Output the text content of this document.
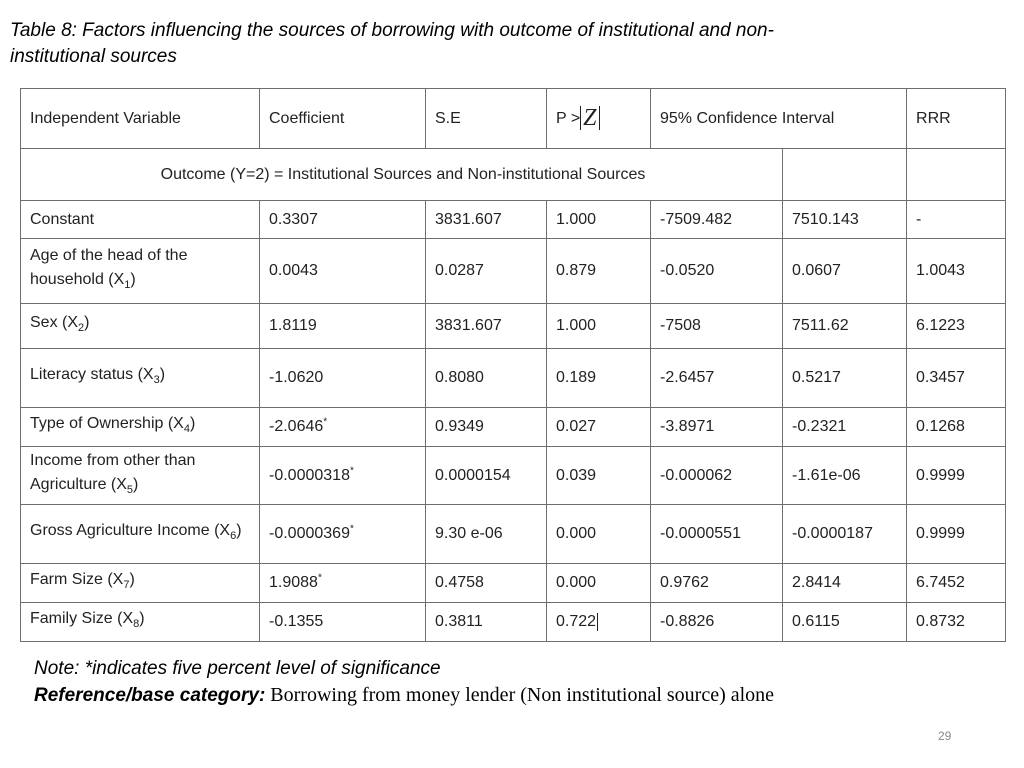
Table 8: Factors influencing the sources of borrowing with outcome of institutional and non-
institutional sources
Independent Variable	Coefficient	S.E	P > Z	95% Confidence Interval		RRR
Outcome (Y=2) = Institutional Sources and Non-institutional Sources						
Constant	0.3307	3831.607	1.000	-7509.482	7510.143	-
Age of the head of the household $(X_1)$	0.0043	0.0287	0.879	-0.0520	0.0607	1.0043
Sex $(X_2)$	1.8119	3831.607	1.000	-7508	7511.62	6.1223
Literacy status $(X_3)$	-1.0620	0.8080	0.189	-2.6457	0.5217	0.3457
Type of Ownership $(X_4)$	-2.0646*	0.9349	0.027	-3.8971	-0.2321	0.1268
Income from other than Agriculture $(X_5)$	-0.0000318*	0.0000154	0.039	-0.000062	-1.61e-06	0.9999
Gross Agriculture Income $(X_6)$	-0.0000369*	9.30 e-06	0.000	-0.0000551	-0.0000187	0.9999
Farm Size $(X_7)$	1.9088*	0.4758	0.000	0.9762	2.8414	6.7452
Family Size $(X_8)$	-0.1355	0.3811	0.722	-0.8826	0.6115	0.8732
Note: *indicates five percent level of significance
Reference/base category: Borrowing from money lender (Non institutional source) alone
29
